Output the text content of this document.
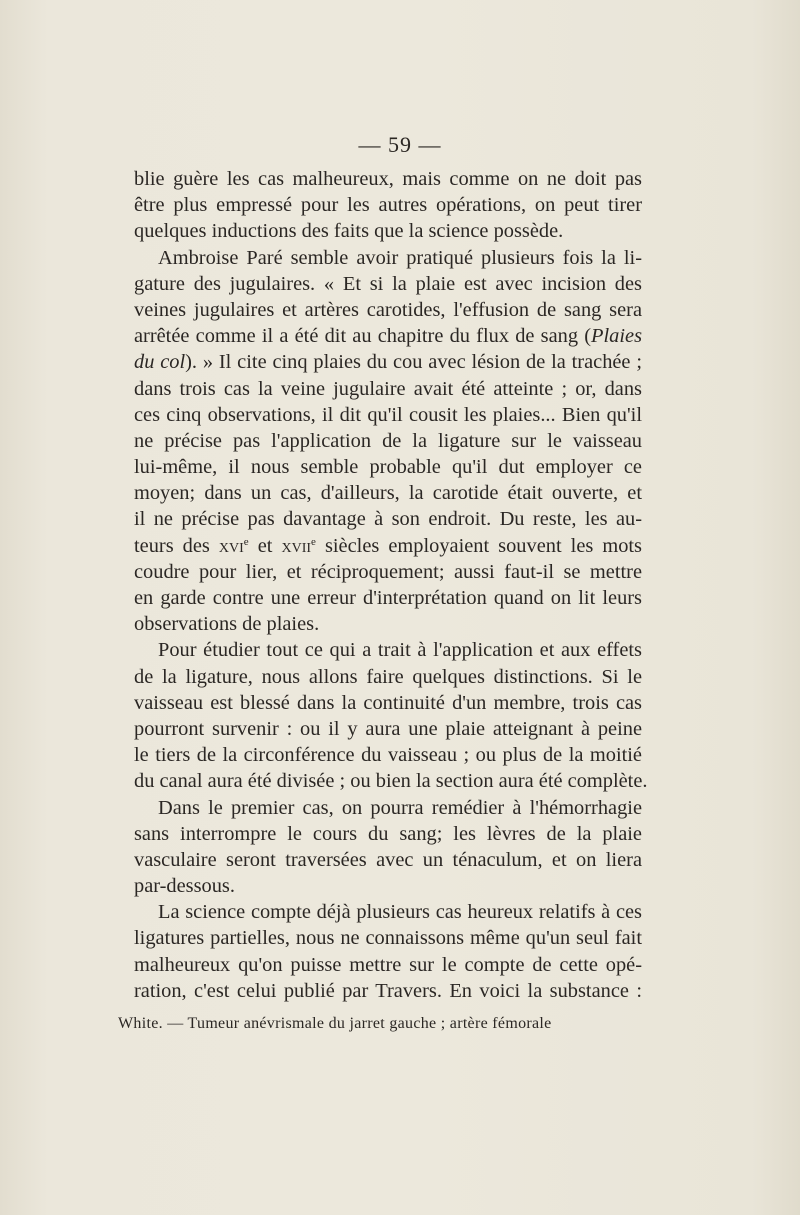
— 59 —
blie guère les cas malheureux, mais comme on ne doit pas
être plus empressé pour les autres opérations, on peut tirer
quelques inductions des faits que la science possède.
Ambroise Paré semble avoir pratiqué plusieurs fois la li-
gature des jugulaires. « Et si la plaie est avec incision des
veines jugulaires et artères carotides, l'effusion de sang sera
arrêtée comme il a été dit au chapitre du flux de sang (Plaies
du col). » Il cite cinq plaies du cou avec lésion de la trachée ;
dans trois cas la veine jugulaire avait été atteinte ; or, dans
ces cinq observations, il dit qu'il cousit les plaies... Bien qu'il
ne précise pas l'application de la ligature sur le vaisseau
lui-même, il nous semble probable qu'il dut employer ce
moyen; dans un cas, d'ailleurs, la carotide était ouverte, et
il ne précise pas davantage à son endroit. Du reste, les au-
teurs des xvi$^e$ et xvii$^e$ siècles employaient souvent les mots
coudre pour lier, et réciproquement; aussi faut-il se mettre
en garde contre une erreur d'interprétation quand on lit leurs
observations de plaies.
Pour étudier tout ce qui a trait à l'application et aux effets
de la ligature, nous allons faire quelques distinctions. Si le
vaisseau est blessé dans la continuité d'un membre, trois cas
pourront survenir : ou il y aura une plaie atteignant à peine
le tiers de la circonférence du vaisseau ; ou plus de la moitié
du canal aura été divisée ; ou bien la section aura été complète.
Dans le premier cas, on pourra remédier à l'hémorrhagie
sans interrompre le cours du sang; les lèvres de la plaie
vasculaire seront traversées avec un ténaculum, et on liera
par-dessous.
La science compte déjà plusieurs cas heureux relatifs à ces
ligatures partielles, nous ne connaissons même qu'un seul fait
malheureux qu'on puisse mettre sur le compte de cette opé-
ration, c'est celui publié par Travers. En voici la substance :
White. — Tumeur anévrismale du jarret gauche ; artère fémorale
